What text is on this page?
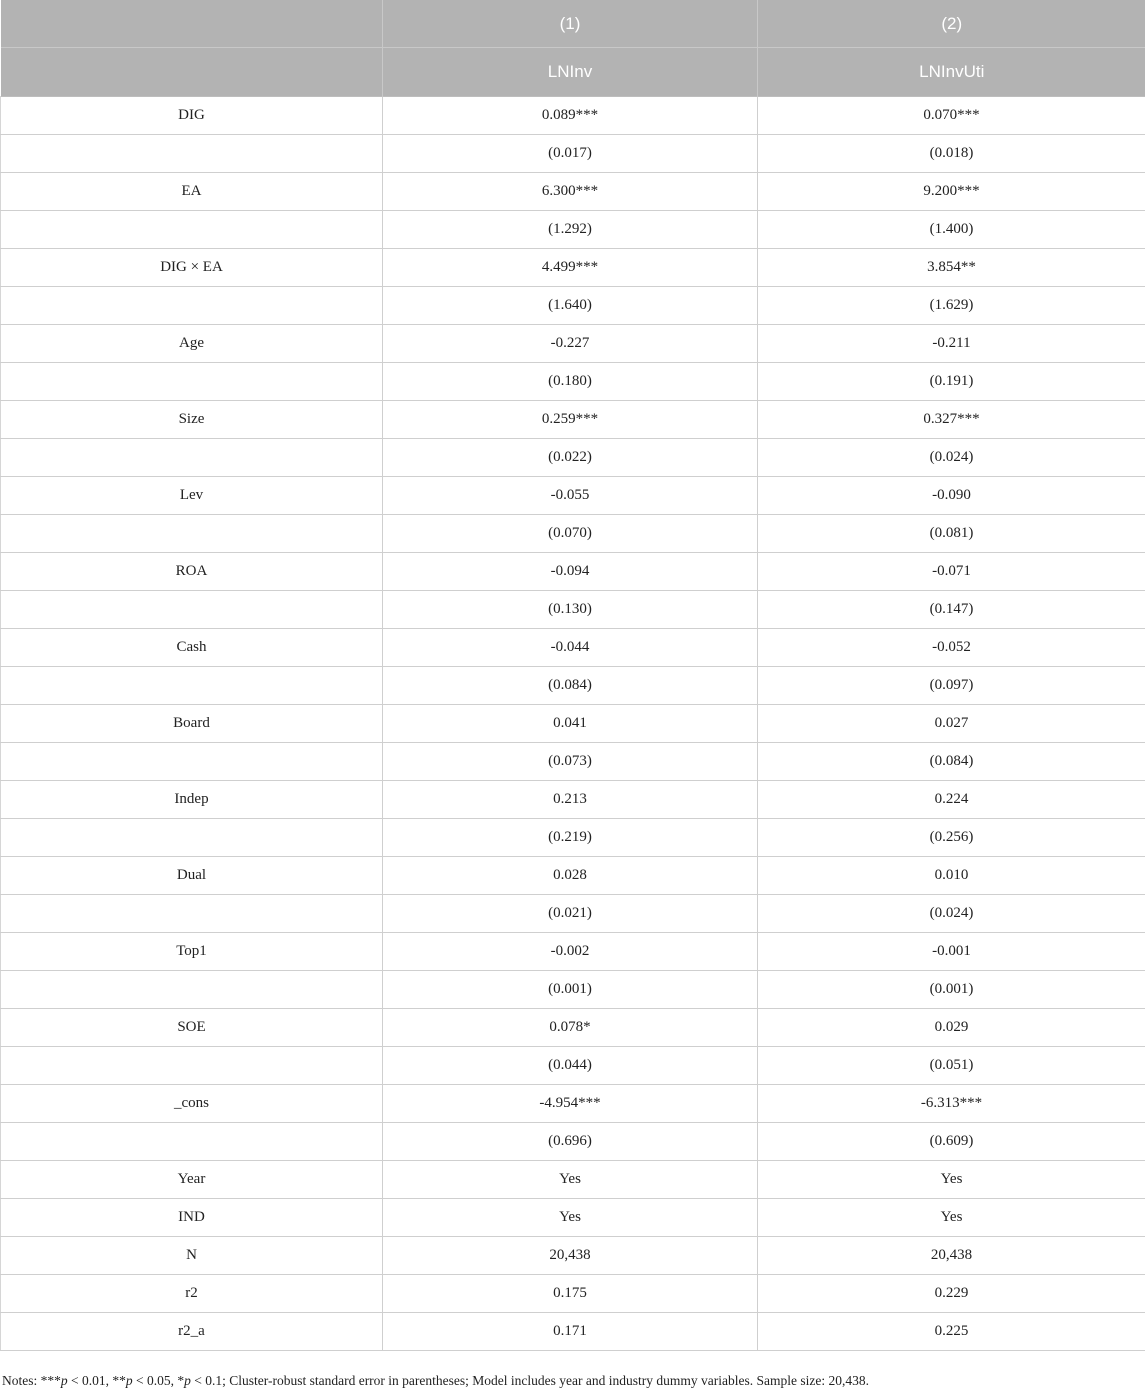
	(1)	(2)
	LNInv	LNInvUti
DIG	0.089***	0.070***
	(0.017)	(0.018)
EA	6.300***	9.200***
	(1.292)	(1.400)
DIG × EA	4.499***	3.854**
	(1.640)	(1.629)
Age	-0.227	-0.211
	(0.180)	(0.191)
Size	0.259***	0.327***
	(0.022)	(0.024)
Lev	-0.055	-0.090
	(0.070)	(0.081)
ROA	-0.094	-0.071
	(0.130)	(0.147)
Cash	-0.044	-0.052
	(0.084)	(0.097)
Board	0.041	0.027
	(0.073)	(0.084)
Indep	0.213	0.224
	(0.219)	(0.256)
Dual	0.028	0.010
	(0.021)	(0.024)
Top1	-0.002	-0.001
	(0.001)	(0.001)
SOE	0.078*	0.029
	(0.044)	(0.051)
_cons	-4.954***	-6.313***
	(0.696)	(0.609)
Year	Yes	Yes
IND	Yes	Yes
N	20,438	20,438
r2	0.175	0.229
r2_a	0.171	0.225
Notes: ***p < 0.01, **p < 0.05, *p < 0.1; Cluster-robust standard error in parentheses; Model includes year and industry dummy variables. Sample size: 20,438.
